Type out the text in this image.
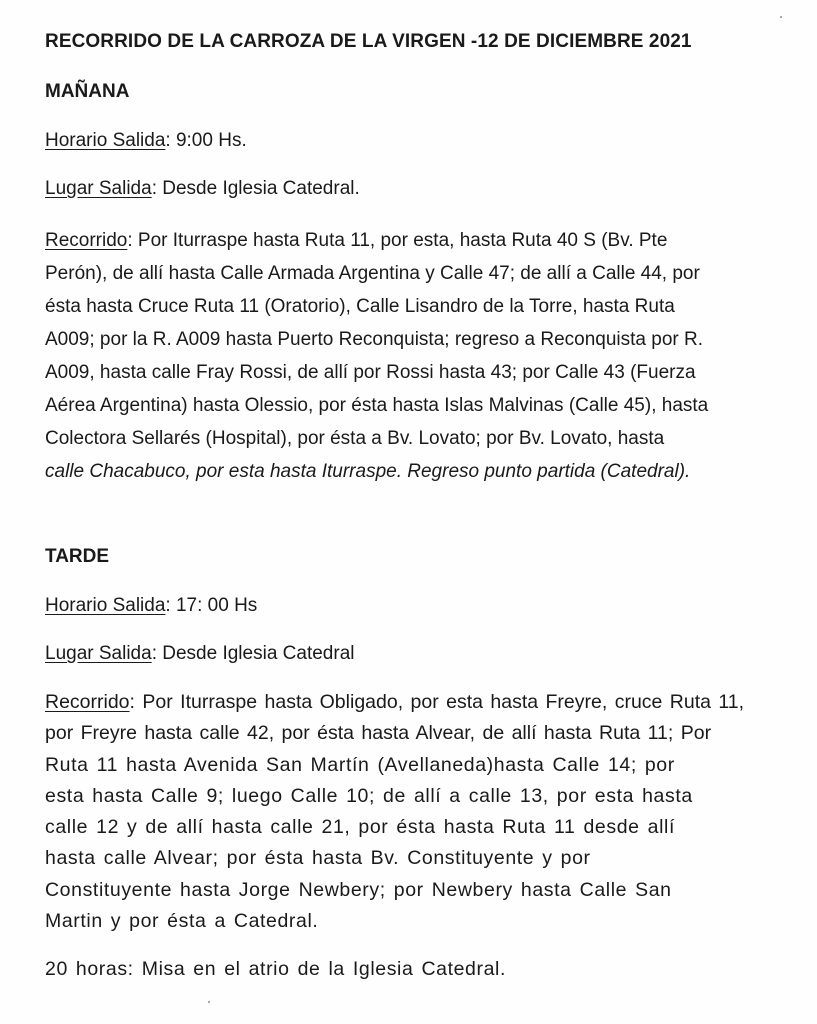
RECORRIDO DE LA CARROZA DE LA VIRGEN -12 DE DICIEMBRE 2021
MAÑANA
Horario Salida: 9:00 Hs.
Lugar Salida: Desde Iglesia Catedral.
Recorrido: Por Iturraspe hasta Ruta 11, por esta, hasta Ruta 40 S (Bv. Pte
Perón), de allí hasta Calle Armada Argentina y Calle 47; de allí a Calle 44, por
ésta hasta Cruce Ruta 11 (Oratorio), Calle Lisandro de la Torre, hasta Ruta
A009; por la R. A009 hasta Puerto Reconquista; regreso a Reconquista por R.
A009, hasta calle Fray Rossi, de allí por Rossi hasta 43; por Calle 43 (Fuerza
Aérea Argentina) hasta Olessio, por ésta hasta Islas Malvinas (Calle 45), hasta
Colectora Sellarés (Hospital), por ésta a Bv. Lovato; por Bv. Lovato, hasta
calle Chacabuco, por esta hasta Iturraspe. Regreso punto partida (Catedral).
TARDE
Horario Salida: 17: 00 Hs
Lugar Salida: Desde Iglesia Catedral
Recorrido: Por Iturraspe hasta Obligado, por esta hasta Freyre, cruce Ruta 11,
por Freyre hasta calle 42, por ésta hasta Alvear, de allí hasta Ruta 11; Por
Ruta 11 hasta Avenida San Martín (Avellaneda)hasta Calle 14; por
esta hasta Calle 9; luego Calle 10; de allí a calle 13, por esta hasta
calle 12 y de allí hasta calle 21, por ésta hasta Ruta 11 desde allí
hasta calle Alvear; por ésta hasta Bv. Constituyente y por
Constituyente hasta Jorge Newbery; por Newbery hasta Calle San
Martin y por ésta a Catedral.
20 horas: Misa en el atrio de la Iglesia Catedral.
